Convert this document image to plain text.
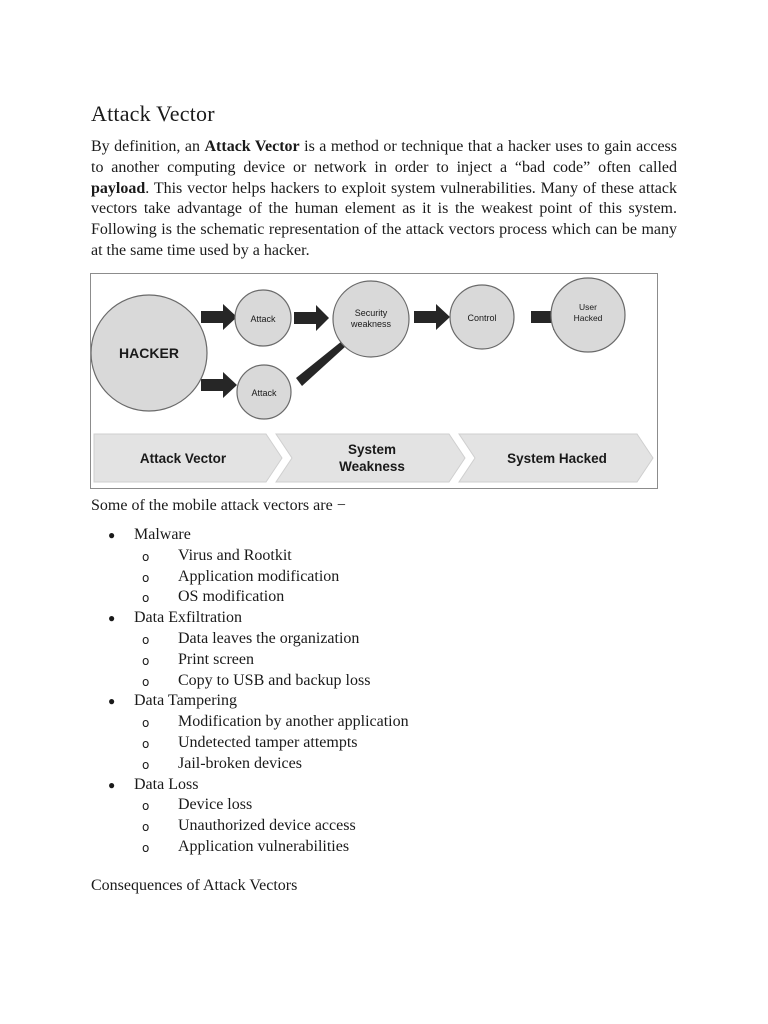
Attack Vector

By definition, an Attack Vector is a method or technique that a hacker uses to gain access to another computing device or network in order to inject a “bad code” often called payload. This vector helps hackers to exploit system vulnerabilities. Many of these attack vectors take advantage of the human element as it is the weakest point of this system. Following is the schematic representation of the attack vectors process which can be many at the same time used by a hacker.

HACKER
Attack
Attack
Security
weakness
Control
User
Hacked
Attack Vector
System
Weakness
System Hacked

Some of the mobile attack vectors are −

● Malware
o Virus and Rootkit
o Application modification
o OS modification
● Data Exfiltration
o Data leaves the organization
o Print screen
o Copy to USB and backup loss
● Data Tampering
o Modification by another application
o Undetected tamper attempts
o Jail-broken devices
● Data Loss
o Device loss
o Unauthorized device access
o Application vulnerabilities

Consequences of Attack Vectors
